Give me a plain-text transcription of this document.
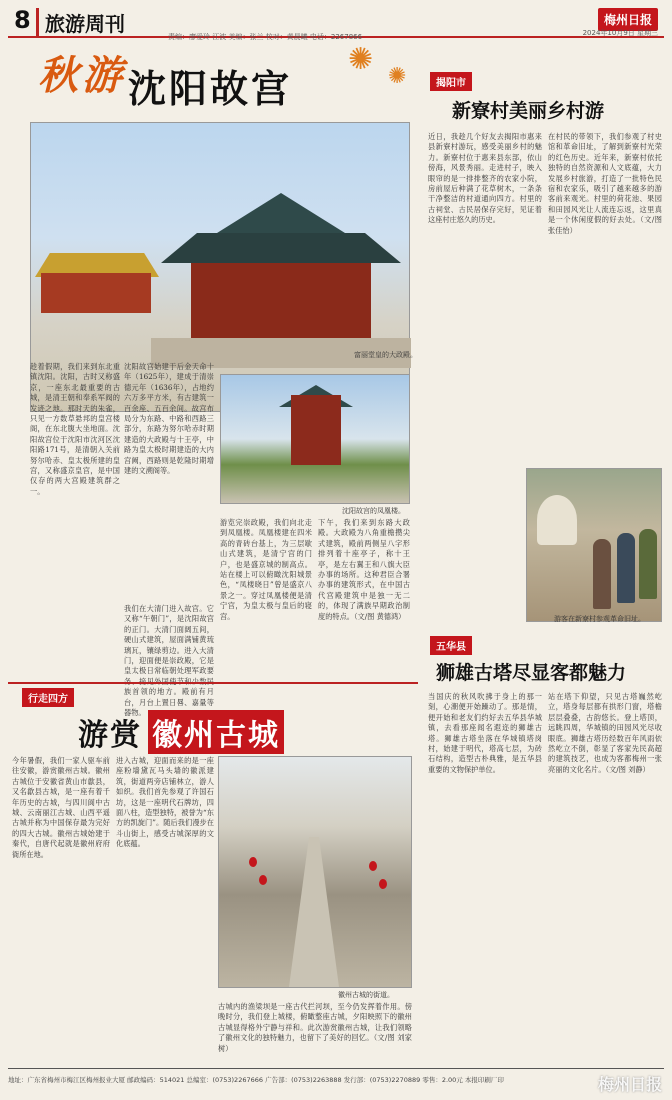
8 旅游周刊
责编：廖爱玲 江波 美编：张兰 校对：黄晨曦 电话：2267866
梅州日报
2024年10月9日 星期三
✺ ✺
秋游 沈阳故宫
富丽堂皇的大政殿。
趁着假期，我们来到东北重镇沈阳。沈阳，古时又称盛京，一座东北最重要的古城，是清王朝和奉系军阀的发迹之地。那时天的朱雀，只见一方数草悬邦的皇宫楼阁，在东北腹大坐地面。沈阳故宫位于沈阳市沈河区沈阳路171号，是清朝入关前努尔哈赤、皇太极所建的皇宫，又称盛京皇宫，是中国仅存的两大宫殿建筑群之一。
沈阳故宫始建于后金天命十年（1625年），建成于清崇德元年（1636年），占地约六万多平方米，有古建筑一百余座、五百余间。故宫布局分为东路、中路和西路三部分，东路为努尔哈赤时期建造的大政殿与十王亭，中路为皇太极时期建造的大内宫阙，西路则是乾隆时期增建的文溯阁等。
沈阳故宫的凤凰楼。
游览完崇政殿，我们向北走到凤凰楼。凤凰楼建在四米高的青砖台基上，为三层歇山式建筑，是清宁宫的门户，也是盛京城的制高点。站在楼上可以俯瞰沈阳城景色，“凤楼晓日”曾是盛京八景之一。穿过凤凰楼便是清宁宫，为皇太极与皇后的寝宫。
下午，我们来到东路大政殿。大政殿为八角重檐攒尖式建筑，殿前两侧呈八字形排列着十座亭子，称十王亭，是左右翼王和八旗大臣办事的场所。这种君臣合署办事的建筑形式，在中国古代宫殿建筑中是独一无二的，体现了满族早期政治制度的特点。（文/图 黄德鸿）
我们在大清门进入故宫。它又称“午朝门”，是沈阳故宫的正门。大清门面阔五间，硬山式建筑，屋面满铺黄琉璃瓦，镶绿剪边。进入大清门，迎面便是崇政殿，它是皇太极日常临朝处理军政要务、接见外国使节和少数民族首领的地方。殿前有月台，月台上置日晷、嘉量等器物。
揭阳市
新寮村美丽乡村游
近日，我趁几个好友去揭阳市惠来县新寮村游玩，感受美丽乡村的魅力。新寮村位于惠来县东部，依山傍海，风景秀丽。走进村子，映入眼帘的是一排排整齐的农家小院，房前屋后种满了花草树木，一条条干净整洁的村道通向四方。村里的古祠堂、古民居保存完好，见证着这座村庄悠久的历史。
在村民的带领下，我们参观了村史馆和革命旧址，了解到新寮村光荣的红色历史。近年来，新寮村依托独特的自然资源和人文底蕴，大力发展乡村旅游，打造了一批特色民宿和农家乐，吸引了越来越多的游客前来观光。村里的荷花池、果园和田园风光让人流连忘返，这里真是一个休闲度假的好去处。（文/图 张佳怡）
游客在新寮村参观革命旧址。
五华县
狮雄古塔尽显客都魅力
当国庆的秋风吹拂于身上的那一刻，心潮便开始躁动了。那是情，便开始和老友们约好去五华县华城镇，去看那座闻名遐迩的狮雄古塔。狮雄古塔坐落在华城镇塔岗村，始建于明代，塔高七层，为砖石结构，造型古朴典雅，是五华县重要的文物保护单位。
站在塔下仰望，只见古塔巍然屹立，塔身每层都有拱形门窗，塔檐层层叠叠，古韵悠长。登上塔顶，远眺四周，华城镇的田园风光尽收眼底。狮雄古塔历经数百年风雨依然屹立不倒，彰显了客家先民高超的建筑技艺，也成为客都梅州一张亮丽的文化名片。（文/图 刘静）
行走四方
游赏 徽州古城
今年暑假，我们一家人驱车前往安徽，游赏徽州古城。徽州古城位于安徽省黄山市歙县，又名歙县古城，是一座有着千年历史的古城，与四川阆中古城、云南丽江古城、山西平遥古城并称为中国保存最为完好的四大古城。徽州古城始建于秦代，自唐代起就是徽州府府衙所在地。
进入古城，迎面而来的是一座座粉墙黛瓦马头墙的徽派建筑，街道两旁店铺林立，游人如织。我们首先参观了许国石坊，这是一座明代石牌坊，四面八柱，造型独特，被誉为“东方的凯旋门”。随后我们漫步在斗山街上，感受古城深厚的文化底蕴。
徽州古城的街道。
古城内的渔梁坝是一座古代拦河坝，至今仍发挥着作用。傍晚时分，我们登上城楼，俯瞰整座古城，夕阳映照下的徽州古城显得格外宁静与祥和。此次游赏徽州古城，让我们领略了徽州文化的独特魅力，也留下了美好的回忆。（文/图 刘家树）
地址：广东省梅州市梅江区梅州报业大厦 邮政编码：514021 总编室：(0753)2267666 广告部：(0753)2263888 发行部：(0753)2270889 零售：2.00元 本报印刷厂印	梅州日报
